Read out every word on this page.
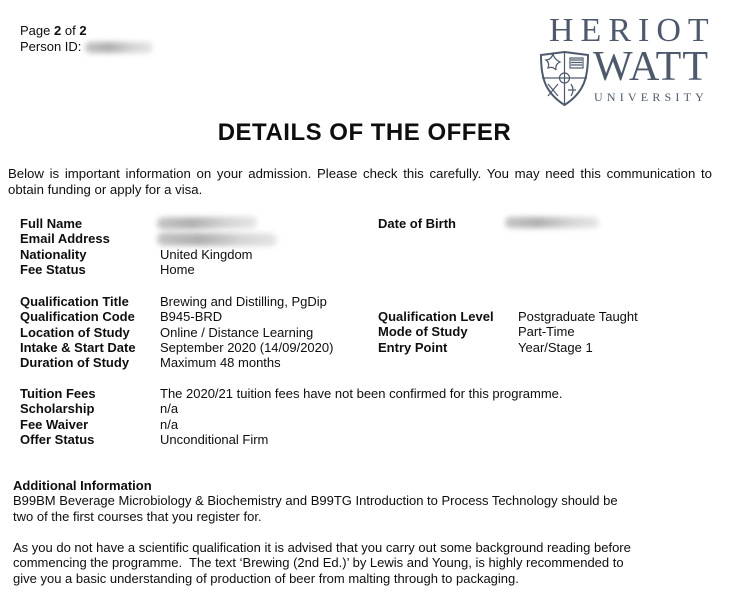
Page 2 of 2
Person ID:	HERIOT
WATT
UNIVERSITY
DETAILS OF THE OFFER
Below is important information on your admission. Please check this carefully. You may need this communication to
obtain funding or apply for a visa.
Full Name
Email Address
Nationality	United Kingdom
Fee Status	Home
Date of Birth
Qualification Title	Brewing and Distilling, PgDip
Qualification Code	B945-BRD
Location of Study	Online / Distance Learning
Intake & Start Date	September 2020 (14/09/2020)
Duration of Study	Maximum 48 months
Qualification Level	Postgraduate Taught
Mode of Study	Part-Time
Entry Point	Year/Stage 1
Tuition Fees	The 2020/21 tuition fees have not been confirmed for this programme.
Scholarship	n/a
Fee Waiver	n/a
Offer Status	Unconditional Firm
Additional Information
B99BM Beverage Microbiology & Biochemistry and B99TG Introduction to Process Technology should be
two of the first courses that you register for.
As you do not have a scientific qualification it is advised that you carry out some background reading before
commencing the programme.  The text ‘Brewing (2nd Ed.)’ by Lewis and Young, is highly recommended to
give you a basic understanding of production of beer from malting through to packaging.
